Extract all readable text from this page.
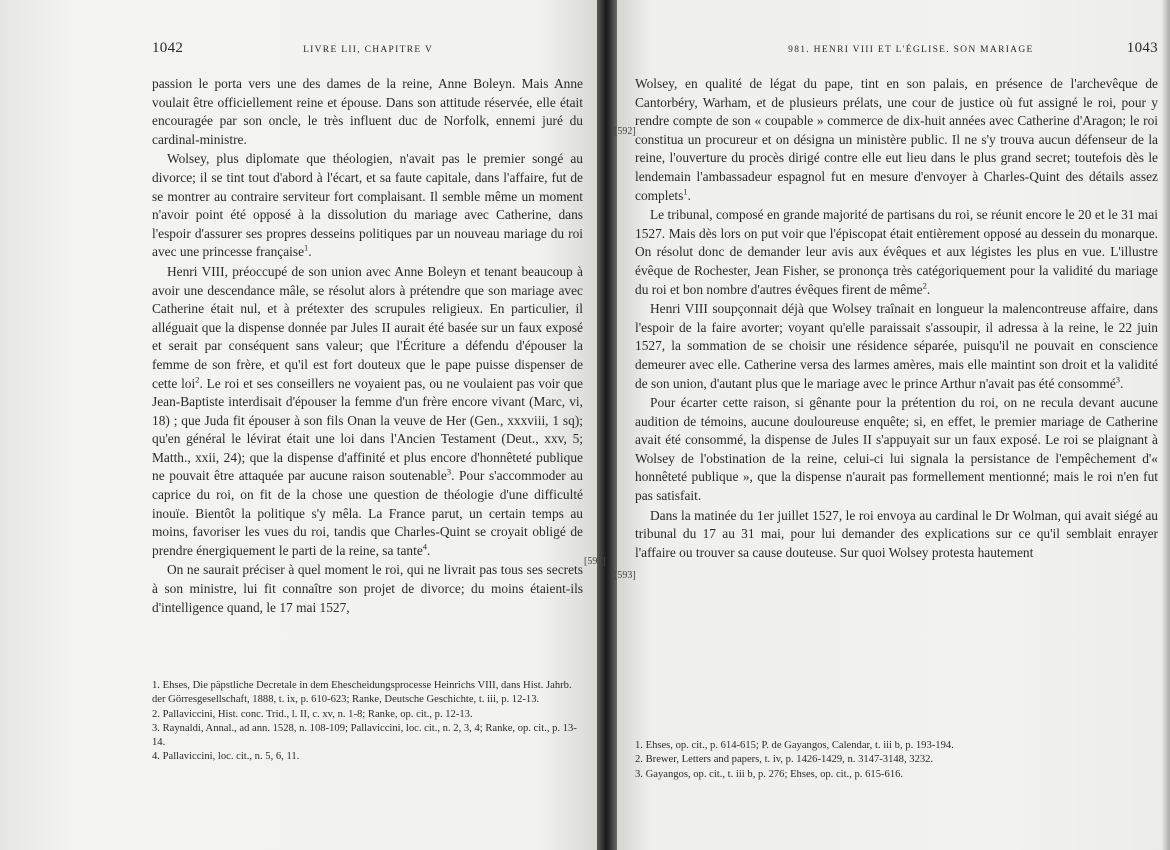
1042	LIVRE LII, CHAPITRE V

passion le porta vers une des dames de la reine, Anne Boleyn. Mais Anne voulait être officiellement reine et épouse. Dans son attitude réservée, elle était encouragée par son oncle, le très influent duc de Norfolk, ennemi juré du cardinal-ministre.

Wolsey, plus diplomate que théologien, n'avait pas le premier songé au divorce; il se tint tout d'abord à l'écart, et sa faute capitale, dans l'affaire, fut de se montrer au contraire serviteur fort complaisant. Il semble même un moment n'avoir point été opposé à la dissolution du mariage avec Catherine, dans l'espoir d'assurer ses propres desseins politiques par un nouveau mariage du roi avec une princesse française$^1$.

Henri VIII, préoccupé de son union avec Anne Boleyn et tenant beaucoup à avoir une descendance mâle, se résolut alors à prétendre que son mariage avec Catherine était nul, et à prétexter des scrupules religieux. En particulier, il alléguait que la dispense donnée par Jules II aurait été basée sur un faux exposé et serait par conséquent sans valeur; que l'Écriture a défendu d'épouser la femme de son frère, et qu'il est fort douteux que le pape puisse dispenser de cette loi$^2$. Le roi et ses conseillers ne voyaient pas, ou ne voulaient pas voir que Jean-Baptiste interdisait d'épouser la femme d'un frère encore vivant (Marc, vi, 18) ; que Juda fit épouser à son fils Onan la veuve de Her (Gen., xxxviii, 1 sq); qu'en général le lévirat était une loi dans l'Ancien Testament (Deut., xxv, 5; Matth., xxii, 24); que la dispense d'affinité et plus encore d'honnêteté publique ne pouvait être attaquée par aucune raison soutenable$^3$. Pour s'accommoder au caprice du roi, on fit de la chose une question de théologie d'une difficulté inouïe. Bientôt la politique s'y mêla. La France parut, un certain temps au moins, favoriser les vues du roi, tandis que Charles-Quint se croyait obligé de prendre énergiquement le parti de la reine, sa tante$^4$.

On ne saurait préciser à quel moment le roi, qui ne livrait pas tous ses secrets à son ministre, lui fit connaître son projet de divorce; du moins étaient-ils d'intelligence quand, le 17 mai 1527,

981. HENRI VIII ET L'ÉGLISE. SON MARIAGE	1043

Wolsey, en qualité de légat du pape, tint en son palais, en présence de l'archevêque de Cantorbéry, Warham, et de plusieurs prélats, une cour de justice où fut assigné le roi, pour y rendre compte de son « coupable » commerce de dix-huit années avec Catherine d'Aragon; le roi constitua un procureur et on désigna un ministère public. Il ne s'y trouva aucun défenseur de la reine, l'ouverture du procès dirigé contre elle eut lieu dans le plus grand secret; toutefois dès le lendemain l'ambassadeur espagnol fut en mesure d'envoyer à Charles-Quint des détails assez complets$^1$.

Le tribunal, composé en grande majorité de partisans du roi, se réunit encore le 20 et le 31 mai 1527. Mais dès lors on put voir que l'épiscopat était entièrement opposé au dessein du monarque. On résolut donc de demander leur avis aux évêques et aux légistes les plus en vue. L'illustre évêque de Rochester, Jean Fisher, se prononça très catégoriquement pour la validité du mariage du roi et bon nombre d'autres évêques firent de même$^2$.

Henri VIII soupçonnait déjà que Wolsey traînait en longueur la malencontreuse affaire, dans l'espoir de la faire avorter; voyant qu'elle paraissait s'assoupir, il adressa à la reine, le 22 juin 1527, la sommation de se choisir une résidence séparée, puisqu'il ne pouvait en conscience demeurer avec elle. Catherine versa des larmes amères, mais elle maintint son droit et la validité de son union, d'autant plus que le mariage avec le prince Arthur n'avait pas été consommé$^3$.

Pour écarter cette raison, si gênante pour la prétention du roi, on ne recula devant aucune audition de témoins, aucune douloureuse enquête; si, en effet, le premier mariage de Catherine avait été consommé, la dispense de Jules II s'appuyait sur un faux exposé. Le roi se plaignant à Wolsey de l'obstination de la reine, celui-ci lui signala la persistance de l'empêchement d'« honnêteté publique », que la dispense n'aurait pas formellement mentionné; mais le roi n'en fut pas satisfait.

Dans la matinée du 1er juillet 1527, le roi envoya au cardinal le Dr Wolman, qui avait siégé au tribunal du 17 au 31 mai, pour lui demander des explications sur ce qu'il semblait enrayer l'affaire ou trouver sa cause douteuse. Sur quoi Wolsey protesta hautement

[592]
[591]
[593]
1. Ehses, Die päpstliche Decretale in dem Ehescheidungsprocesse Heinrichs VIII, dans Hist. Jahrb. der Görresgesellschaft, 1888, t. ix, p. 610-623; Ranke, Deutsche Geschichte, t. iii, p. 12-13.
2. Pallaviccini, Hist. conc. Trid., l. II, c. xv, n. 1-8; Ranke, op. cit., p. 12-13.
3. Raynaldi, Annal., ad ann. 1528, n. 108-109; Pallaviccini, loc. cit., n. 2, 3, 4; Ranke, op. cit., p. 13-14.
4. Pallaviccini, loc. cit., n. 5, 6, 11.
1. Ehses, op. cit., p. 614-615; P. de Gayangos, Calendar, t. iii b, p. 193-194.
2. Brewer, Letters and papers, t. iv, p. 1426-1429, n. 3147-3148, 3232.
3. Gayangos, op. cit., t. iii b, p. 276; Ehses, op. cit., p. 615-616.
